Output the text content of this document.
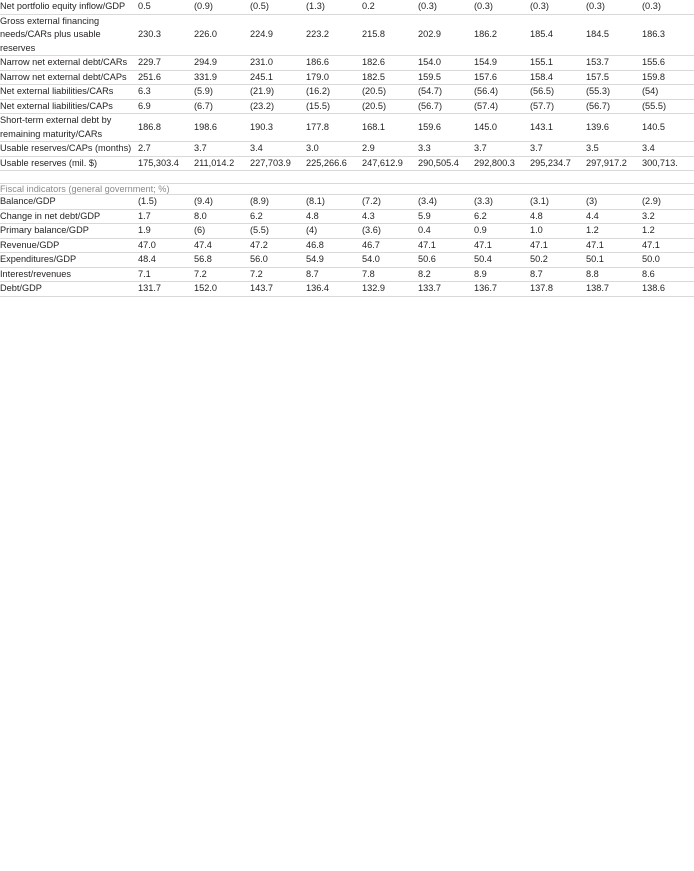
Net portfolio equity inflow/GDP	0.5	(0.9)	(0.5)	(1.3)	0.2	(0.3)	(0.3)	(0.3)	(0.3)	(0.3)
Gross external financing needs/CARs plus usable reserves	230.3	226.0	224.9	223.2	215.8	202.9	186.2	185.4	184.5	186.3
Narrow net external debt/CARs	229.7	294.9	231.0	186.6	182.6	154.0	154.9	155.1	153.7	155.6
Narrow net external debt/CAPs	251.6	331.9	245.1	179.0	182.5	159.5	157.6	158.4	157.5	159.8
Net external liabilities/CARs	6.3	(5.9)	(21.9)	(16.2)	(20.5)	(54.7)	(56.4)	(56.5)	(55.3)	(54)
Net external liabilities/CAPs	6.9	(6.7)	(23.2)	(15.5)	(20.5)	(56.7)	(57.4)	(57.7)	(56.7)	(55.5)
Short-term external debt by remaining maturity/CARs	186.8	198.6	190.3	177.8	168.1	159.6	145.0	143.1	139.6	140.5
Usable reserves/CAPs (months)	2.7	3.7	3.4	3.0	2.9	3.3	3.7	3.7	3.5	3.4
Usable reserves (mil. $)	175,303.4	211,014.2	227,703.9	225,266.6	247,612.9	290,505.4	292,800.3	295,234.7	297,917.2	300,713.

Fiscal indicators (general government; %)										
Balance/GDP	(1.5)	(9.4)	(8.9)	(8.1)	(7.2)	(3.4)	(3.3)	(3.1)	(3)	(2.9)
Change in net debt/GDP	1.7	8.0	6.2	4.8	4.3	5.9	6.2	4.8	4.4	3.2
Primary balance/GDP	1.9	(6)	(5.5)	(4)	(3.6)	0.4	0.9	1.0	1.2	1.2
Revenue/GDP	47.0	47.4	47.2	46.8	46.7	47.1	47.1	47.1	47.1	47.1
Expenditures/GDP	48.4	56.8	56.0	54.9	54.0	50.6	50.4	50.2	50.1	50.0
Interest/revenues	7.1	7.2	7.2	8.7	7.8	8.2	8.9	8.7	8.8	8.6
Debt/GDP	131.7	152.0	143.7	136.4	132.9	133.7	136.7	137.8	138.7	138.6
